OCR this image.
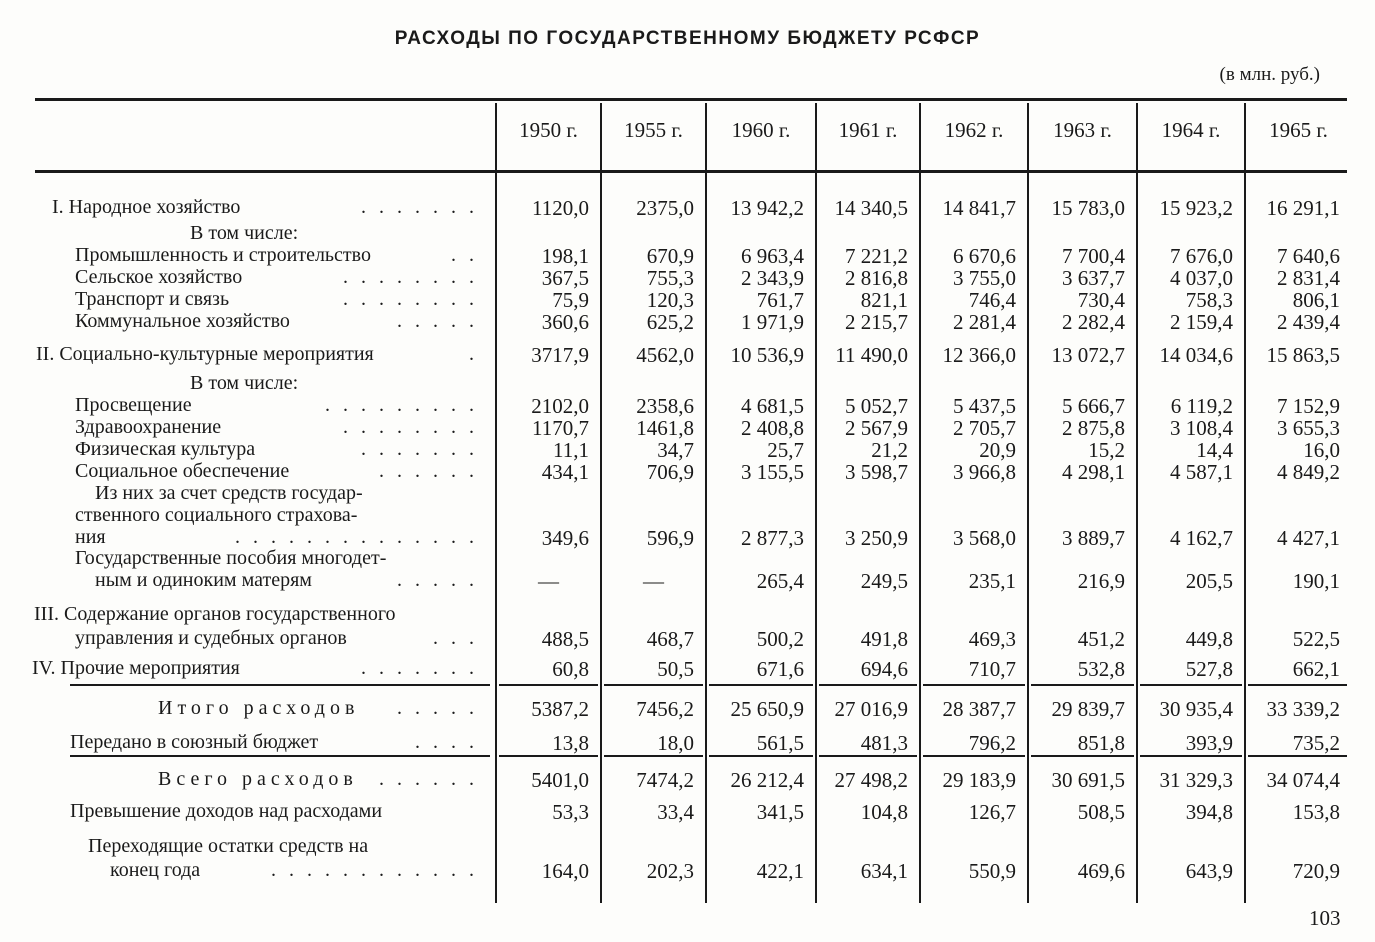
РАСХОДЫ ПО ГОСУДАРСТВЕННОМУ БЮДЖЕТУ РСФСР
(в млн. руб.)
1950 г.	1955 г.	1960 г.	1961 г.	1962 г.	1963 г.	1964 г.	1965 г.
I. Народное хозяйство	. . . . . . .	1120,0	2375,0	13 942,2	14 340,5	14 841,7	15 783,0	15 923,2	16 291,1
В том числе:
Промышленность и строительство	. .	198,1	670,9	6 963,4	7 221,2	6 670,6	7 700,4	7 676,0	7 640,6
Сельское хозяйство	. . . . . . . .	367,5	755,3	2 343,9	2 816,8	3 755,0	3 637,7	4 037,0	2 831,4
Транспорт и связь	. . . . . . . .	75,9	120,3	761,7	821,1	746,4	730,4	758,3	806,1
Коммунальное хозяйство	. . . . .	360,6	625,2	1 971,9	2 215,7	2 281,4	2 282,4	2 159,4	2 439,4
II. Социально-культурные мероприятия	.	3717,9	4562,0	10 536,9	11 490,0	12 366,0	13 072,7	14 034,6	15 863,5
В том числе:
Просвещение	. . . . . . . . .	2102,0	2358,6	4 681,5	5 052,7	5 437,5	5 666,7	6 119,2	7 152,9
Здравоохранение	. . . . . . . .	1170,7	1461,8	2 408,8	2 567,9	2 705,7	2 875,8	3 108,4	3 655,3
Физическая культура	. . . . . . .	11,1	34,7	25,7	21,2	20,9	15,2	14,4	16,0
Социальное обеспечение	. . . . . .	434,1	706,9	3 155,5	3 598,7	3 966,8	4 298,1	4 587,1	4 849,2
Из них за счет средств государ-
ственного социального страхова-
ния	. . . . . . . . . . . . . .	349,6	596,9	2 877,3	3 250,9	3 568,0	3 889,7	4 162,7	4 427,1
Государственные пособия многодет-
ным и одиноким матерям	. . . . .	—	—	265,4	249,5	235,1	216,9	205,5	190,1
III. Содержание органов государственного
управления и судебных органов	. . .	488,5	468,7	500,2	491,8	469,3	451,2	449,8	522,5
IV. Прочие мероприятия	. . . . . . .	60,8	50,5	671,6	694,6	710,7	532,8	527,8	662,1
Итого расходов . . . . .	5387,2	7456,2	25 650,9	27 016,9	28 387,7	29 839,7	30 935,4	33 339,2
Передано в союзный бюджет	. . . .	13,8	18,0	561,5	481,3	796,2	851,8	393,9	735,2
Всего расходов . . . . . .	5401,0	7474,2	26 212,4	27 498,2	29 183,9	30 691,5	31 329,3	34 074,4
Превышение доходов над расходами	53,3	33,4	341,5	104,8	126,7	508,5	394,8	153,8
Переходящие остатки средств на
конец года	. . . . . . . . . . . .	164,0	202,3	422,1	634,1	550,9	469,6	643,9	720,9
103
